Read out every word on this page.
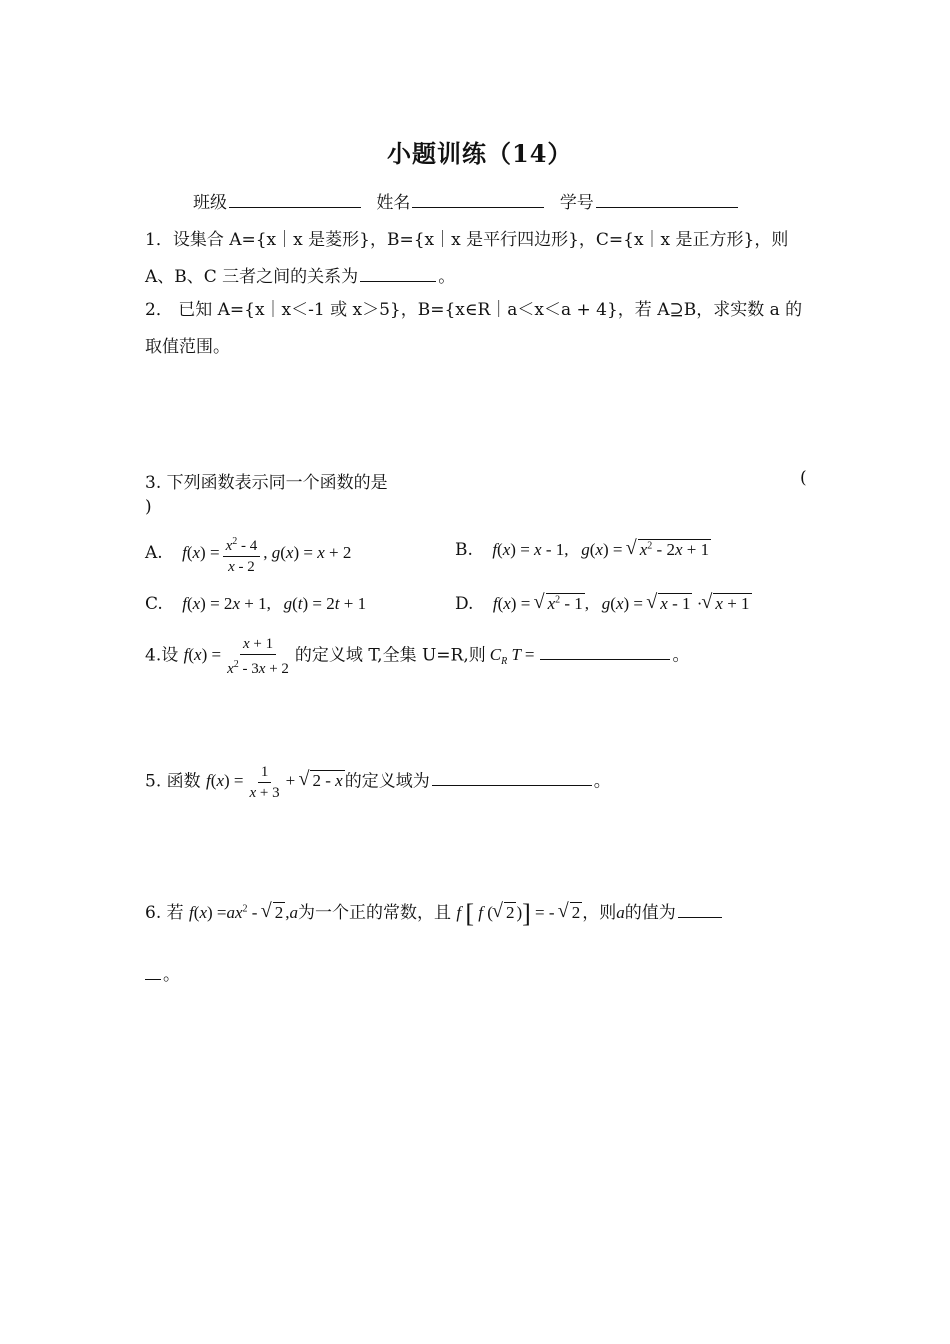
小题训练（14）
班级	姓名	学号
1．设集合 A={x｜x 是菱形}，B={x｜x 是平行四边形}，C={x｜x 是正方形}，则
A、B、C 三者之间的关系为	。
2． 已知 A={x｜x＜-1 或 x＞5}，B={x∈R｜a＜x＜a + 4}，若 A⊇B，求实数 a 的
取值范围。
3. 下列函数表示同一个函数的是	(
)
A. $f(x) = \frac{x^2 - 4}{x - 2}$ , g(x) = x + 2	B. f(x) = x - 1,   g(x) = √ $x^2 - 2x + 1$
C. f(x) = 2x + 1,   g(t) = 2t + 1	D. f(x) = √ $x^2 - 1$ ,   g(x) = √ x - 1 · √ x + 1
4.设 $f(x) = \frac{x + 1}{x^2 - 3x + 2}$ 的定义域 T,全集 U=R,则 $C_R$ T =	。
5. 函数 $f(x) = \frac{1}{x + 3}$ + √ 2 - x 的定义域为	。
6. 若 $f(x) =ax^2$ - √ 2 ,a为一个正的常数，且 f [ f ( √ 2 )] = - √ 2 ，则a的值为
。
